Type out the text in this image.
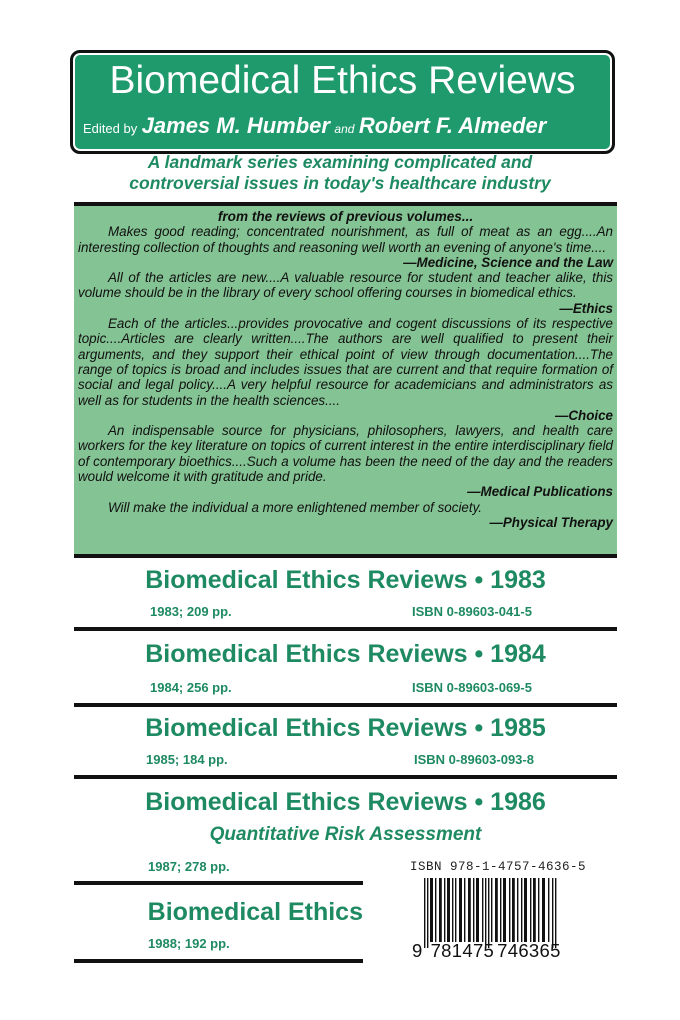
Biomedical Ethics Reviews
Edited by James M. Humber and Robert F. Almeder
A landmark series examining complicated and
controversial issues in today's healthcare industry
from the reviews of previous volumes...
Makes good reading; concentrated nourishment, as full of meat as an egg....An interesting collection of thoughts and reasoning well worth an evening of anyone's time....
—Medicine, Science and the Law
All of the articles are new....A valuable resource for student and teacher alike, this volume should be in the library of every school offering courses in biomedical ethics.
—Ethics
Each of the articles...provides provocative and cogent discussions of its respective topic....Articles are clearly written....The authors are well qualified to present their arguments, and they support their ethical point of view through documentation....The range of topics is broad and includes issues that are current and that require formation of social and legal policy....A very helpful resource for academicians and administrators as well as for students in the health sciences....
—Choice
An indispensable source for physicians, philosophers, lawyers, and health care workers for the key literature on topics of current interest in the entire interdisciplinary field of contemporary bioethics....Such a volume has been the need of the day and the readers would welcome it with gratitude and pride.
—Medical Publications
Will make the individual a more enlightened member of society.
—Physical Therapy
Biomedical Ethics Reviews • 1983
1983; 209 pp.	ISBN 0-89603-041-5
Biomedical Ethics Reviews • 1984
1984; 256 pp.	ISBN 0-89603-069-5
Biomedical Ethics Reviews • 1985
1985; 184 pp.	ISBN 0-89603-093-8
Biomedical Ethics Reviews • 1986
Quantitative Risk Assessment
1987; 278 pp.
Biomedical Ethics
1988; 192 pp.
ISBN 978-1-4757-4636-5
9 781475 746365
